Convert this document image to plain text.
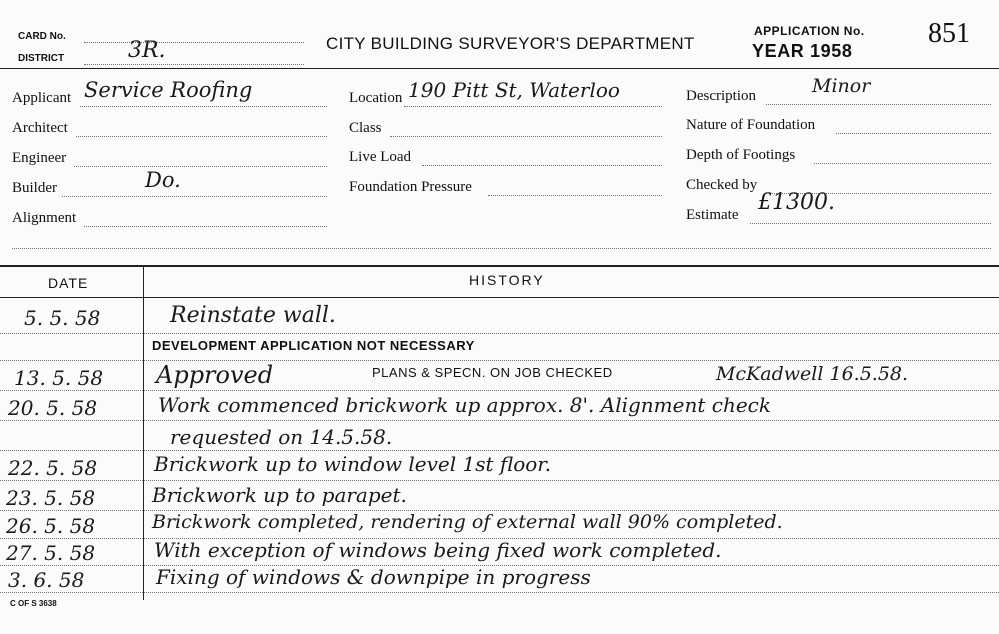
CARD No.
DISTRICT	3R.	CITY BUILDING SURVEYOR'S DEPARTMENT
APPLICATION No.
YEAR 1958
851
Applicant Service Roofing
Architect
Engineer
Builder	Do.
Alignment
Location 190 Pitt St, Waterloo
Class
Live Load
Foundation Pressure
Description	Minor
Nature of Foundation
Depth of Footings
Checked by
Estimate £1300.
DATE	HISTORY
5. 5. 58	Reinstate wall.
DEVELOPMENT APPLICATION NOT NECESSARY
13. 5. 58 Approved	PLANS & SPECN. ON JOB CHECKED	McKadwell 16.5.58.
20. 5. 58	Work commenced brickwork up approx. 8'. Alignment check
requested on 14.5.58.
22. 5. 58	Brickwork up to window level 1st floor.
23. 5. 58	Brickwork up to parapet.
26. 5. 58	Brickwork completed, rendering of external wall 90% completed.
27. 5. 58	With exception of windows being fixed work completed.
3. 6. 58	Fixing of windows & downpipe in progress
C OF S 3638
